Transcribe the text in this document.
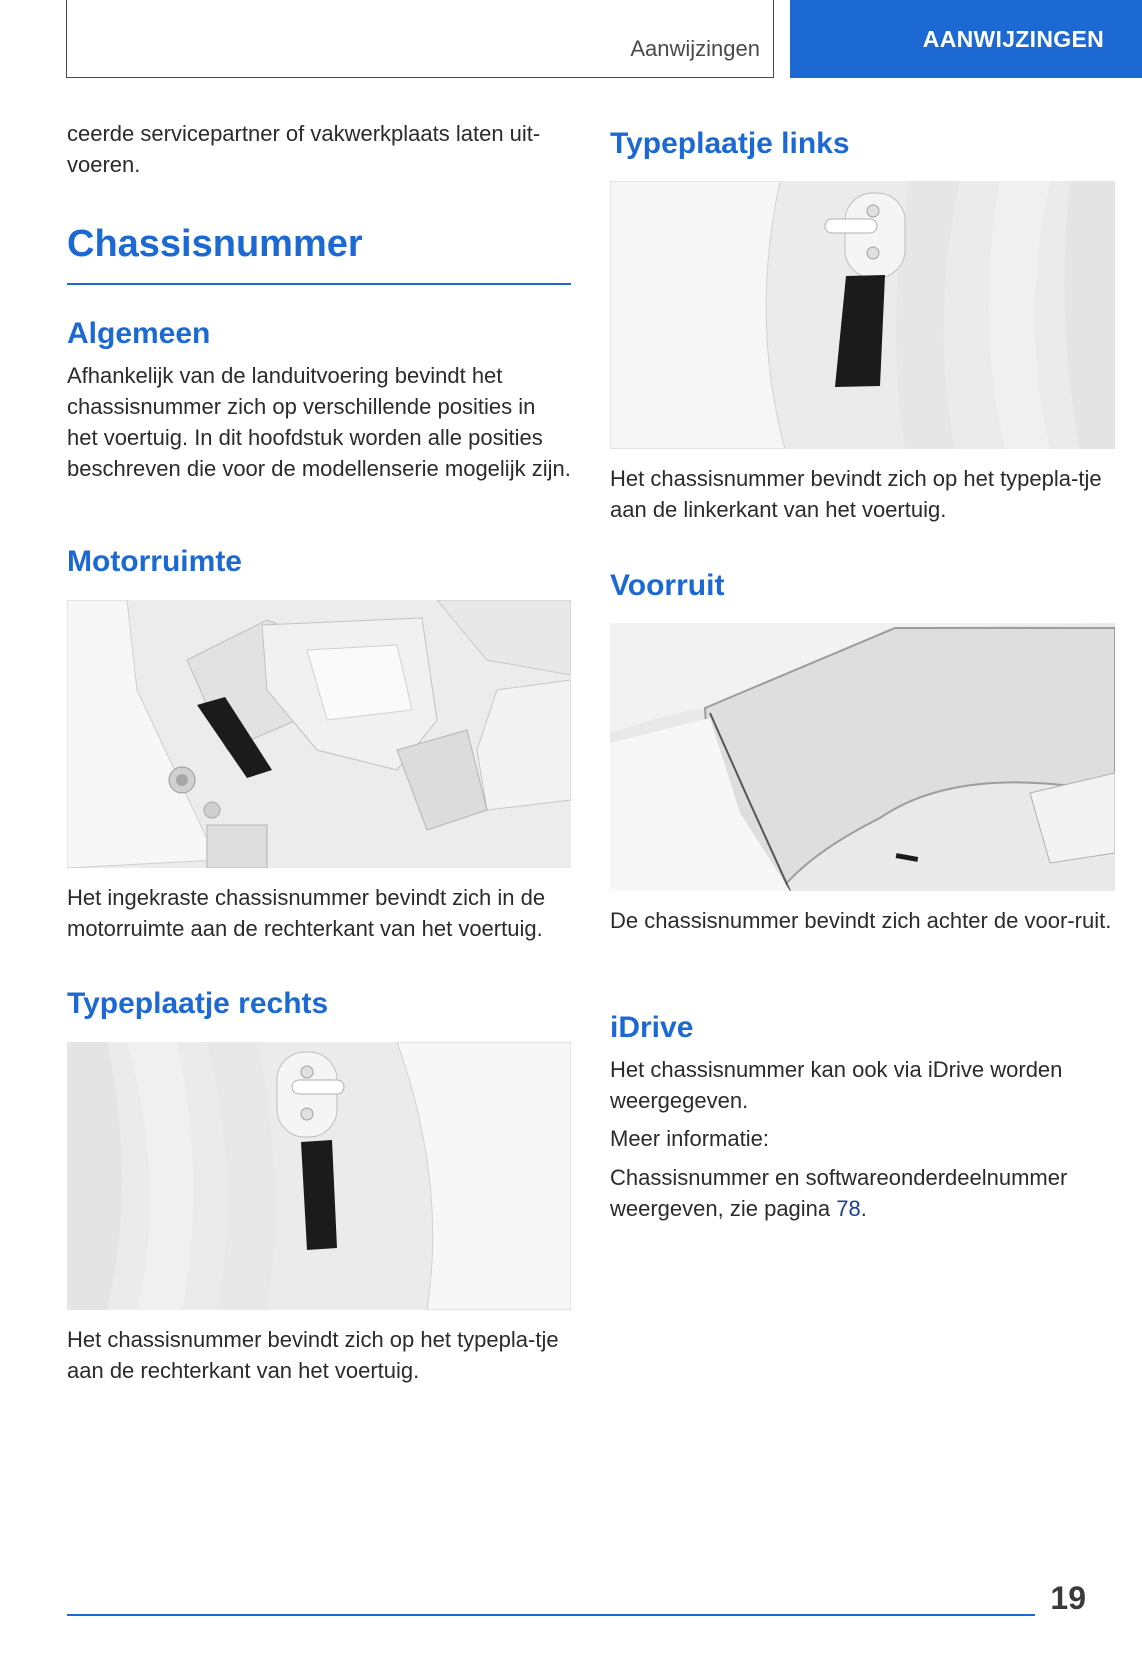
Aanwijzingen	AANWIJZINGEN

ceerde servicepartner of vakwerkplaats laten uit-voeren.

Chassisnummer
Algemeen

Afhankelijk van de landuitvoering bevindt het chassisnummer zich op verschillende posities in het voertuig. In dit hoofdstuk worden alle posities beschreven die voor de modellenserie mogelijk zijn.

Motorruimte

Het ingekraste chassisnummer bevindt zich in de motorruimte aan de rechterkant van het voertuig.

Typeplaatje rechts

Het chassisnummer bevindt zich op het typepla-tje aan de rechterkant van het voertuig.

Typeplaatje links

Het chassisnummer bevindt zich op het typepla-tje aan de linkerkant van het voertuig.

Voorruit

De chassisnummer bevindt zich achter de voor-ruit.

iDrive

Het chassisnummer kan ook via iDrive worden weergegeven.

Meer informatie:

Chassisnummer en softwareonderdeelnummer weergeven, zie pagina 78.

19
